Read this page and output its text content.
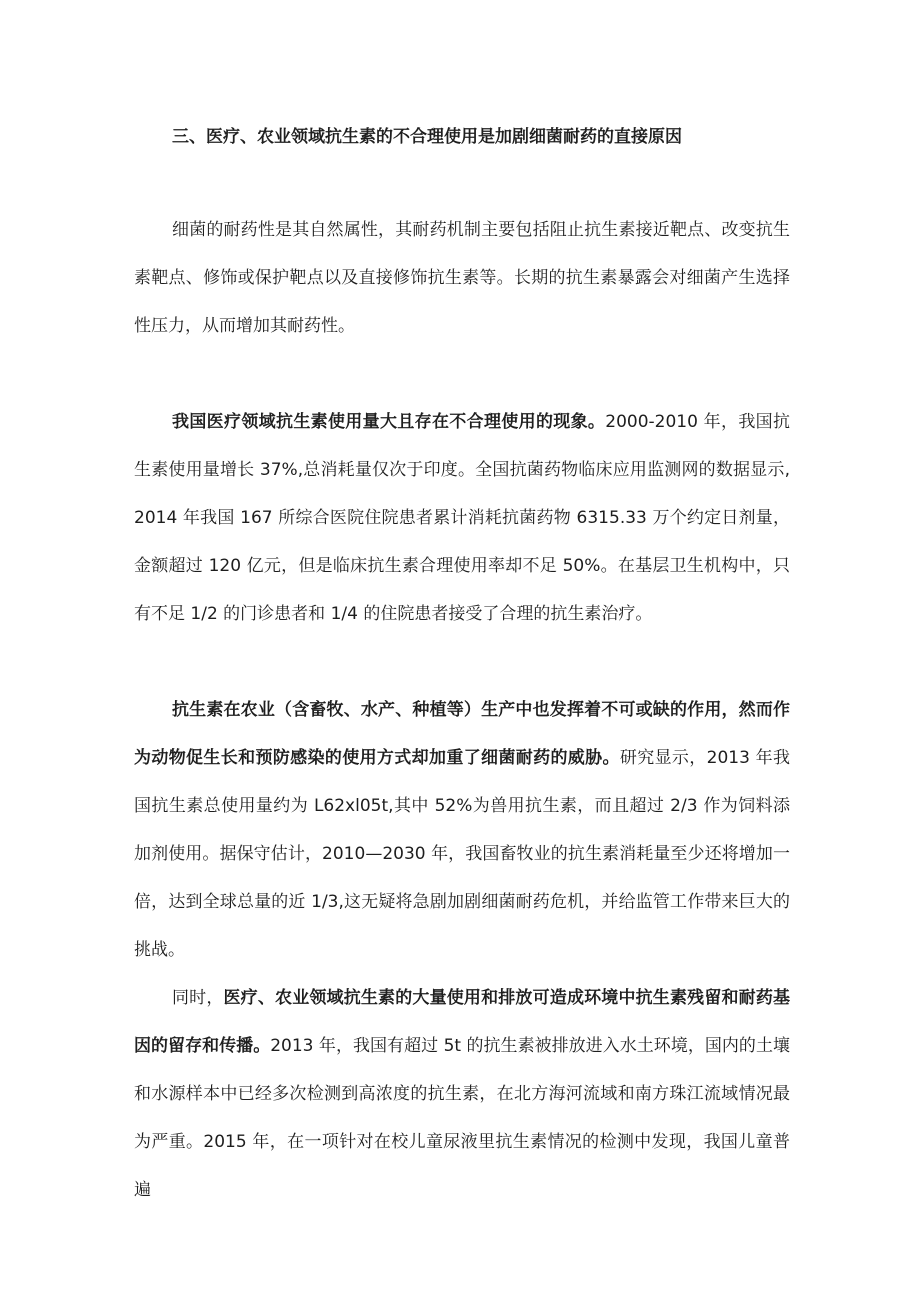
三、医疗、农业领域抗生素的不合理使用是加剧细菌耐药的直接原因

细菌的耐药性是其自然属性，其耐药机制主要包括阻止抗生素接近靶点、改变抗生素靶点、修饰或保护靶点以及直接修饰抗生素等。长期的抗生素暴露会对细菌产生选择性压力，从而增加其耐药性。

我国医疗领域抗生素使用量大且存在不合理使用的现象。2000-2010 年，我国抗生素使用量增长 37%,总消耗量仅次于印度。全国抗菌药物临床应用监测网的数据显示, 2014 年我国 167 所综合医院住院患者累计消耗抗菌药物 6315.33 万个约定日剂量，金额超过 120 亿元，但是临床抗生素合理使用率却不足 50%。在基层卫生机构中，只有不足 1/2 的门诊患者和 1/4 的住院患者接受了合理的抗生素治疗。

抗生素在农业（含畜牧、水产、种植等）生产中也发挥着不可或缺的作用，然而作为动物促生长和预防感染的使用方式却加重了细菌耐药的威胁。研究显示，2013 年我国抗生素总使用量约为 L62xl05t,其中 52%为兽用抗生素，而且超过 2/3 作为饲料添加剂使用。据保守估计，2010—2030 年，我国畜牧业的抗生素消耗量至少还将增加一倍，达到全球总量的近 1/3,这无疑将急剧加剧细菌耐药危机，并给监管工作带来巨大的挑战。

同时，医疗、农业领域抗生素的大量使用和排放可造成环境中抗生素残留和耐药基因的留存和传播。2013 年，我国有超过 5t 的抗生素被排放进入水土环境，国内的土壤和水源样本中已经多次检测到高浓度的抗生素，在北方海河流域和南方珠江流域情况最为严重。2015 年，在一项针对在校儿童尿液里抗生素情况的检测中发现，我国儿童普遍
